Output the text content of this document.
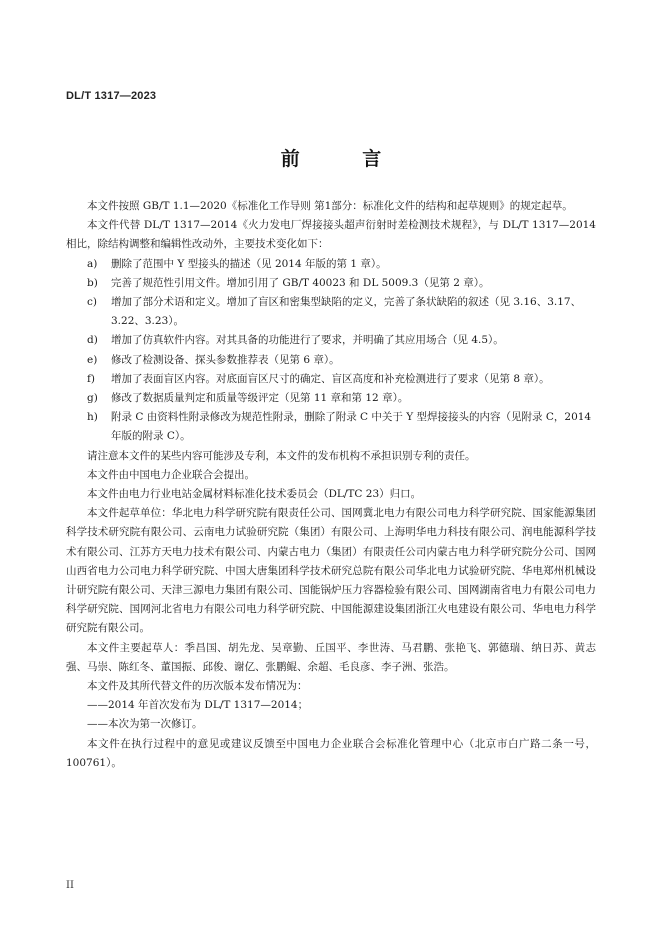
DL/T 1317—2023
前 言

本文件按照 GB/T 1.1—2020《标准化工作导则 第1部分：标准化文件的结构和起草规则》的规定起草。

本文件代替 DL/T 1317—2014《火力发电厂焊接接头超声衍射时差检测技术规程》，与 DL/T 1317—2014 相比，除结构调整和编辑性改动外，主要技术变化如下：

a)	删除了范围中 Y 型接头的描述（见 2014 年版的第 1 章）。
b)	完善了规范性引用文件。增加引用了 GB/T 40023 和 DL 5009.3（见第 2 章）。
c)	增加了部分术语和定义。增加了盲区和密集型缺陷的定义，完善了条状缺陷的叙述（见 3.16、3.17、3.22、3.23）。
d)	增加了仿真软件内容。对其具备的功能进行了要求，并明确了其应用场合（见 4.5）。
e)	修改了检测设备、探头参数推荐表（见第 6 章）。
f)	增加了表面盲区内容。对底面盲区尺寸的确定、盲区高度和补充检测进行了要求（见第 8 章）。
g)	修改了数据质量判定和质量等级评定（见第 11 章和第 12 章）。
h)	附录 C 由资料性附录修改为规范性附录，删除了附录 C 中关于 Y 型焊接接头的内容（见附录 C，2014 年版的附录 C）。

请注意本文件的某些内容可能涉及专利，本文件的发布机构不承担识别专利的责任。

本文件由中国电力企业联合会提出。

本文件由电力行业电站金属材料标准化技术委员会（DL/TC 23）归口。

本文件起草单位：华北电力科学研究院有限责任公司、国网冀北电力有限公司电力科学研究院、国家能源集团科学技术研究院有限公司、云南电力试验研究院（集团）有限公司、上海明华电力科技有限公司、润电能源科学技术有限公司、江苏方天电力技术有限公司、内蒙古电力（集团）有限责任公司内蒙古电力科学研究院分公司、国网山西省电力公司电力科学研究院、中国大唐集团科学技术研究总院有限公司华北电力试验研究院、华电郑州机械设计研究院有限公司、天津三源电力集团有限公司、国能锅炉压力容器检验有限公司、国网湖南省电力有限公司电力科学研究院、国网河北省电力有限公司电力科学研究院、中国能源建设集团浙江火电建设有限公司、华电电力科学研究院有限公司。

本文件主要起草人：季昌国、胡先龙、吴章勤、丘国平、李世涛、马君鹏、张艳飞、郭德瑞、纳日苏、黄志强、马崇、陈红冬、董国振、邱俊、谢亿、张鹏鲲、余超、毛良彦、李子洲、张浩。

本文件及其所代替文件的历次版本发布情况为：

——2014 年首次发布为 DL/T 1317—2014；

——本次为第一次修订。

本文件在执行过程中的意见或建议反馈至中国电力企业联合会标准化管理中心（北京市白广路二条一号，100761）。

II
